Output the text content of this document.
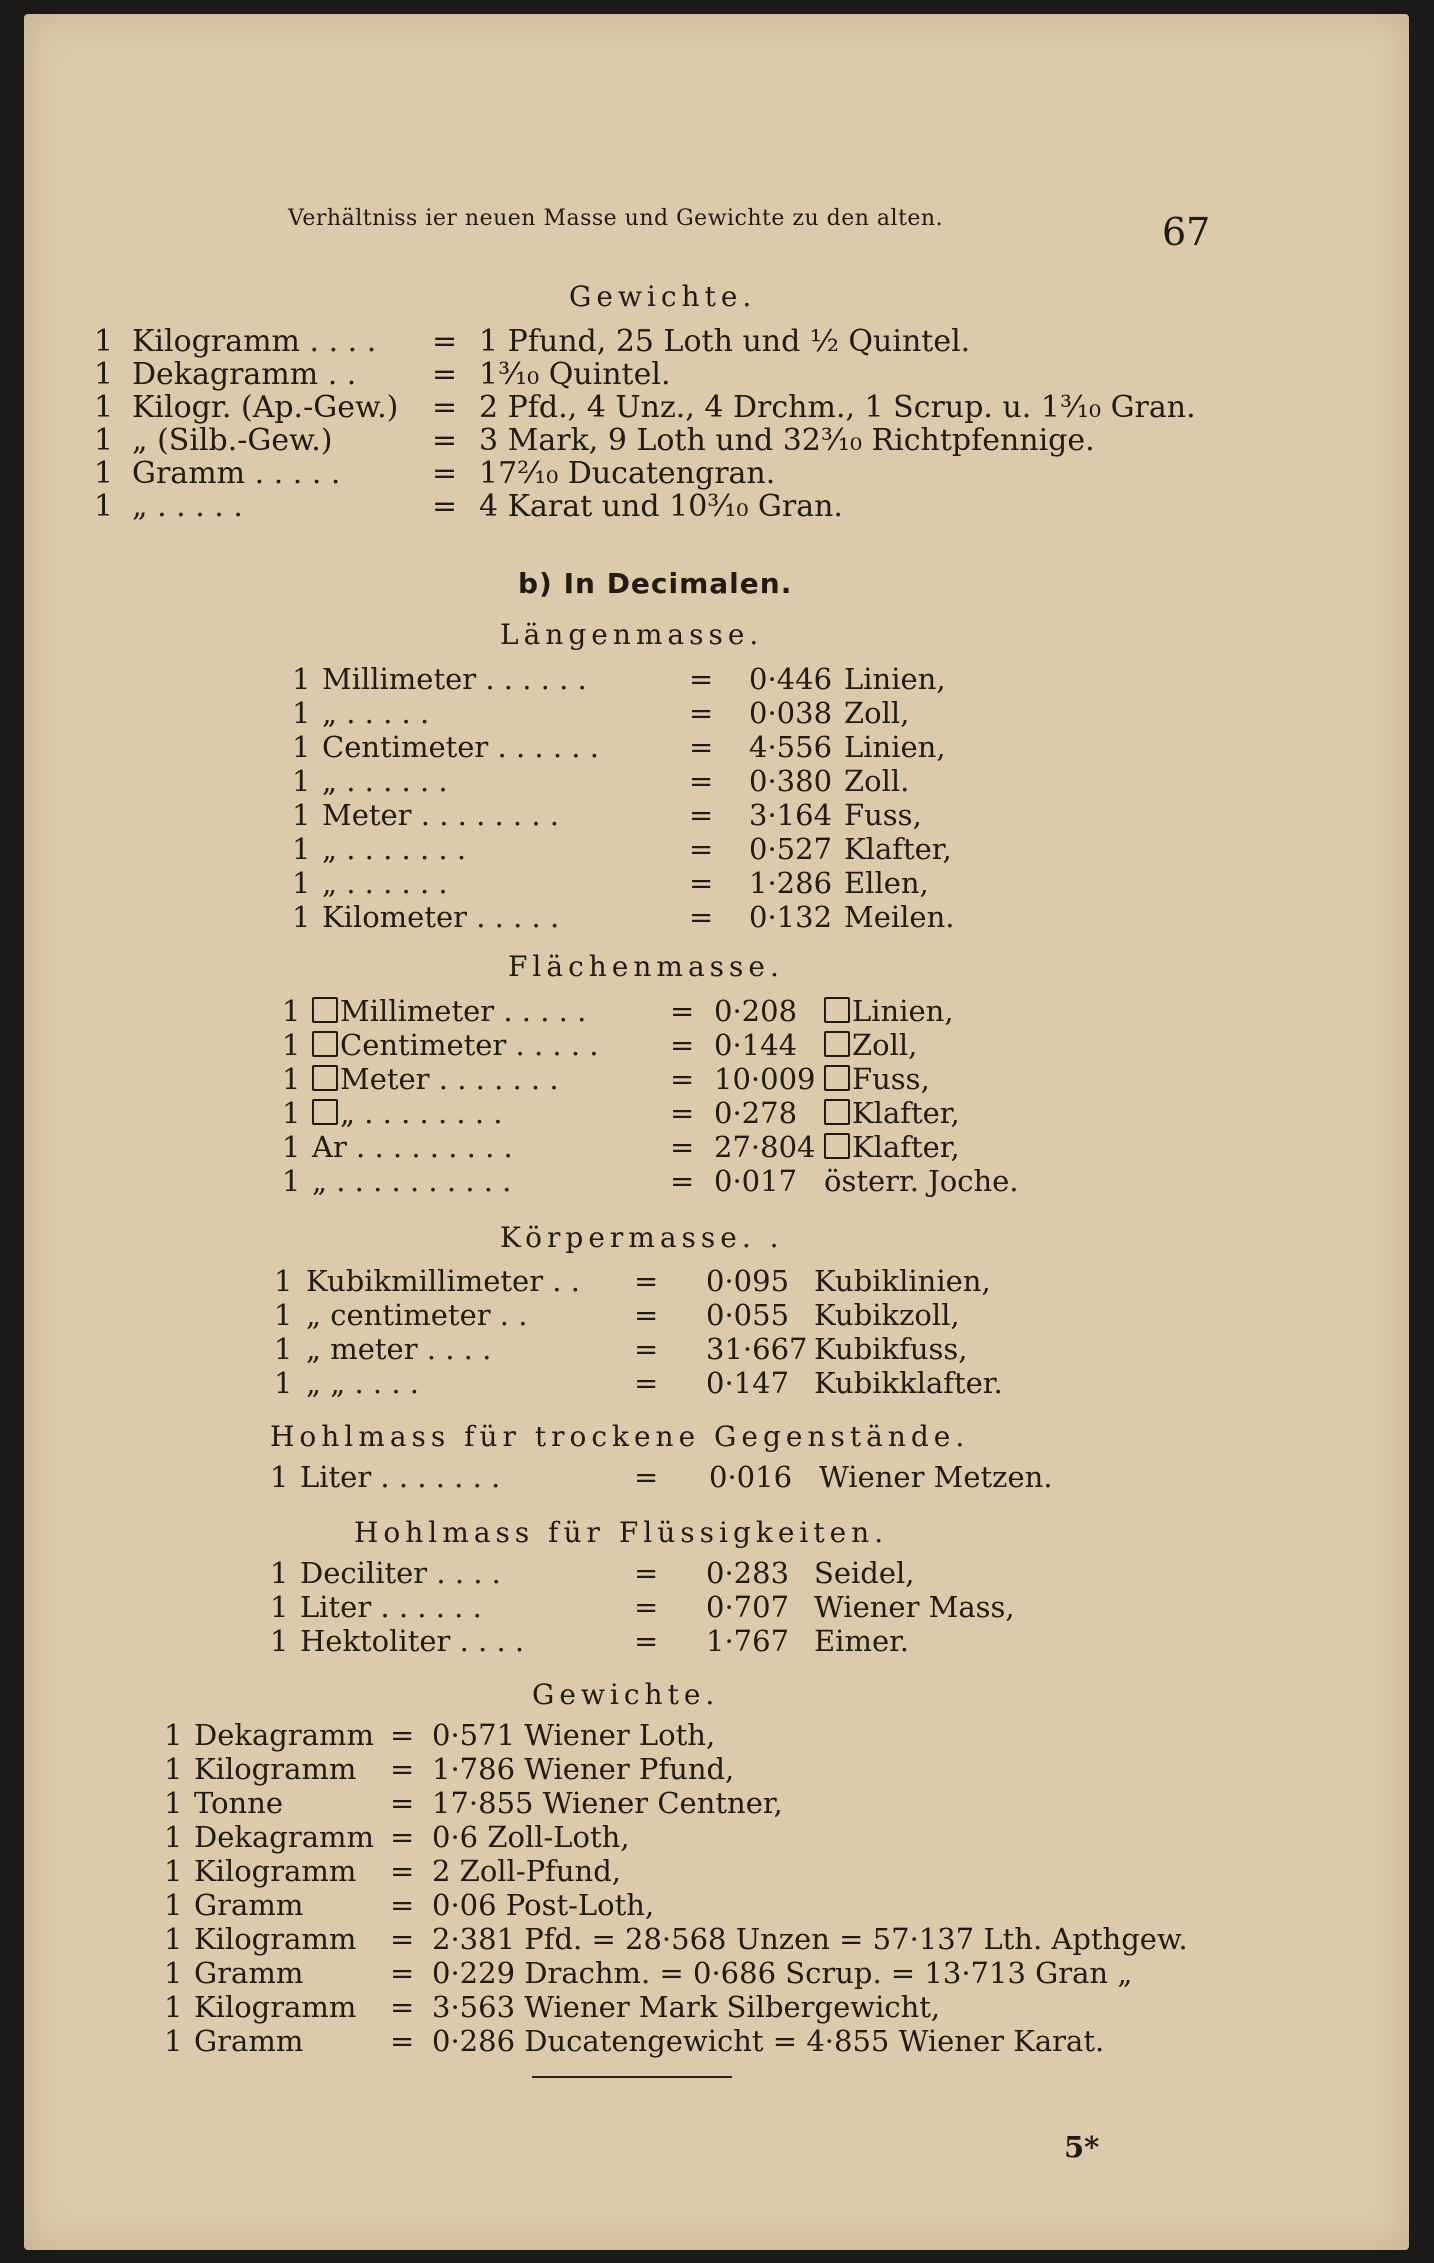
Verhältniss ier neuen Masse und Gewichte zu den alten.	67
Gewichte.
1 Kilogramm . . . . = 1 Pfund, 25 Loth und ½ Quintel.
1 Dekagramm . .	= 1³⁄₁₀ Quintel.
1 Kilogr. (Ap.-Gew.) = 2 Pfd., 4 Unz., 4 Drchm., 1 Scrup. u. 1³⁄₁₀ Gran.
1 „ (Silb.-Gew.)	= 3 Mark, 9 Loth und 32³⁄₁₀ Richtpfennige.
1 Gramm . . . . .	= 17²⁄₁₀ Ducatengran.
1 „ . . . . .	= 4 Karat und 10³⁄₁₀ Gran.
b) In Decimalen.
Längenmasse.
1 Millimeter . . . . . .	= 0·446 Linien,
1 „ . . . . .	= 0·038 Zoll,
1 Centimeter . . . . . .	= 4·556 Linien,
1 „ . . . . . .	= 0·380 Zoll.
1 Meter . . . . . . . .	= 3·164 Fuss,
1 „ . . . . . . .	= 0·527 Klafter,
1 „ . . . . . .	= 1·286 Ellen,
1 Kilometer . . . . .	= 0·132 Meilen.
Flächenmasse.
1	Millimeter . . . . .	= 0·208	Linien,
1	Centimeter . . . . . = 0·144	Zoll,
1	Meter . . . . . . .	= 10·009	Fuss,
1	„ . . . . . . . .	= 0·278	Klafter,
1 Ar . . . . . . . . .	= 27·804	Klafter,
1 „ . . . . . . . . . .	= 0·017 österr. Joche.
Körpermasse. .
1 Kubikmillimeter . . = 0·095 Kubiklinien,
1 „ centimeter . .	= 0·055 Kubikzoll,
1 „ meter . . . .	= 31·667 Kubikfuss,
1 „ „ . . . .	= 0·147 Kubikklafter.
Hohlmass für trockene Gegenstände.
1 Liter . . . . . . .	= 0·016 Wiener Metzen.
Hohlmass für Flüssigkeiten.
1 Deciliter . . . .	= 0·283 Seidel,
1 Liter . . . . . .	= 0·707 Wiener Mass,
1 Hektoliter . . . .	= 1·767 Eimer.
Gewichte.
1 Dekagramm = 0·571 Wiener Loth,
1 Kilogramm = 1·786 Wiener Pfund,
1 Tonne	= 17·855 Wiener Centner,
1 Dekagramm = 0·6 Zoll-Loth,
1 Kilogramm = 2 Zoll-Pfund,
1 Gramm	= 0·06 Post-Loth,
1 Kilogramm = 2·381 Pfd. = 28·568 Unzen = 57·137 Lth. Apthgew.
1 Gramm	= 0·229 Drachm. = 0·686 Scrup. = 13·713 Gran „
1 Kilogramm = 3·563 Wiener Mark Silbergewicht,
1 Gramm	= 0·286 Ducatengewicht = 4·855 Wiener Karat.
5*
